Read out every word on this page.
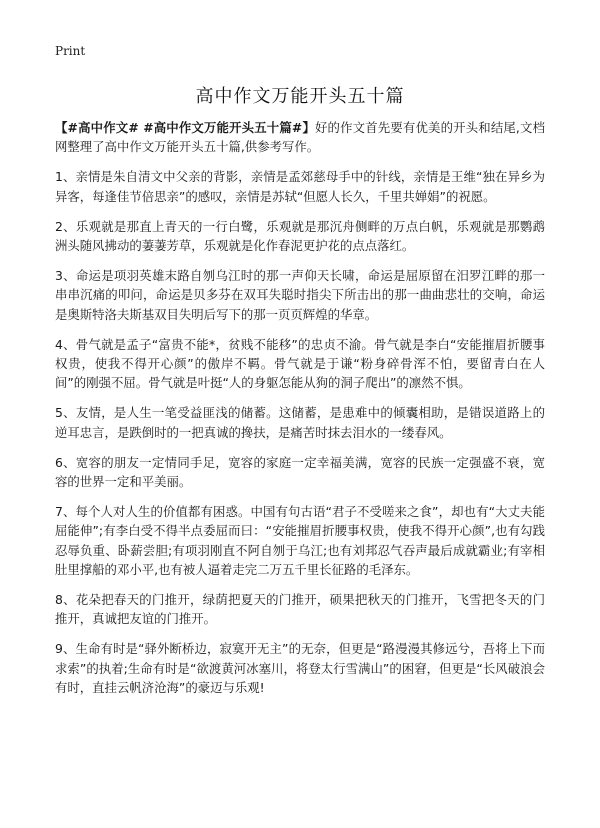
Print
高中作文万能开头五十篇

【#高中作文# #高中作文万能开头五十篇#】好的作文首先要有优美的开头和结尾,文档网整理了高中作文万能开头五十篇,供参考写作。

1、亲情是朱自清文中父亲的背影，亲情是孟郊慈母手中的针线，亲情是王维“独在异乡为异客，每逢佳节倍思亲”的感叹，亲情是苏轼“但愿人长久，千里共婵娟”的祝愿。

2、乐观就是那直上青天的一行白鹭，乐观就是那沉舟侧畔的万点白帆，乐观就是那鹦鹉洲头随风拂动的萋萋芳草，乐观就是化作春泥更护花的点点落红。

3、命运是项羽英雄末路自刎乌江时的那一声仰天长啸，命运是屈原留在汨罗江畔的那一串串沉痛的叩问，命运是贝多芬在双耳失聪时指尖下所击出的那一曲曲悲壮的交响，命运是奥斯特洛夫斯基双目失明后写下的那一页页辉煌的华章。

4、骨气就是孟子“富贵不能*，贫贱不能移”的忠贞不渝。骨气就是李白“安能摧眉折腰事权贵，使我不得开心颜”的傲岸不羁。骨气就是于谦“粉身碎骨浑不怕，要留青白在人间”的刚强不屈。骨气就是叶挺“人的身躯怎能从狗的洞子爬出”的凛然不惧。

5、友情，是人生一笔受益匪浅的储蓄。这储蓄，是患难中的倾囊相助，是错误道路上的逆耳忠言，是跌倒时的一把真诚的搀扶，是痛苦时抹去泪水的一缕春风。

6、宽容的朋友一定情同手足，宽容的家庭一定幸福美满，宽容的民族一定强盛不衰，宽容的世界一定和平美丽。

7、每个人对人生的价值都有困惑。中国有句古语“君子不受嗟来之食”，却也有“大丈夫能屈能伸”;有李白受不得半点委屈而曰：“安能摧眉折腰事权贵，使我不得开心颜”,也有勾践忍辱负重、卧薪尝胆;有项羽刚直不阿自刎于乌江;也有刘邦忍气吞声最后成就霸业;有宰相肚里撑船的邓小平,也有被人逼着走完二万五千里长征路的毛泽东。

8、花朵把春天的门推开，绿荫把夏天的门推开，硕果把秋天的门推开，飞雪把冬天的门推开，真诚把友谊的门推开。

9、生命有时是“驿外断桥边，寂寞开无主”的无奈，但更是“路漫漫其修远兮，吾将上下而求索”的执着;生命有时是“欲渡黄河冰塞川，将登太行雪满山”的困窘，但更是“长风破浪会有时，直挂云帆济沧海”的豪迈与乐观!
